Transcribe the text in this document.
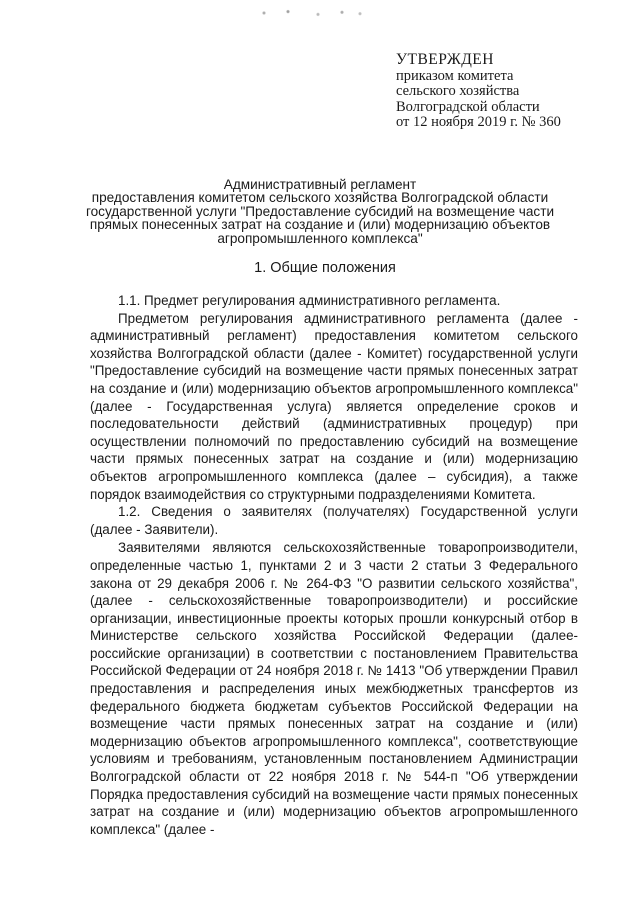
УТВЕРЖДЕН
приказом комитета
сельского хозяйства
Волгоградской области
от 12 ноября 2019 г. № 360
Административный регламент
предоставления комитетом сельского хозяйства Волгоградской области
государственной услуги "Предоставление субсидий на возмещение части
прямых понесенных затрат на создание и (или) модернизацию объектов
агропромышленного комплекса"
1. Общие положения

1.1. Предмет регулирования административного регламента.

Предметом регулирования административного регламента (далее - административный регламент) предоставления комитетом сельского хозяйства Волгоградской области (далее - Комитет) государственной услуги "Предоставление субсидий на возмещение части прямых понесенных затрат на создание и (или) модернизацию объектов агропромышленного комплекса" (далее - Государственная услуга) является определение сроков и последовательности действий (административных процедур) при осуществлении полномочий по предоставлению субсидий на возмещение части прямых понесенных затрат на создание и (или) модернизацию объектов агропромышленного комплекса (далее – субсидия), а также порядок взаимодействия со структурными подразделениями Комитета.

1.2. Сведения о заявителях (получателях) Государственной услуги (далее - Заявители).

Заявителями являются сельскохозяйственные товаропроизводители, определенные частью 1, пунктами 2 и 3 части 2 статьи 3 Федерального закона от 29 декабря 2006 г. № 264-ФЗ "О развитии сельского хозяйства", (далее - сельскохозяйственные товаропроизводители) и российские организации, инвестиционные проекты которых прошли конкурсный отбор в Министерстве сельского хозяйства Российской Федерации (далее-российские организации) в соответствии с постановлением Правительства Российской Федерации от 24 ноября 2018 г. № 1413 "Об утверждении Правил предоставления и распределения иных межбюджетных трансфертов из федерального бюджета бюджетам субъектов Российской Федерации на возмещение части прямых понесенных затрат на создание и (или) модернизацию объектов агропромышленного комплекса", соответствующие условиям и требованиям, установленным постановлением Администрации Волгоградской области от 22 ноября 2018 г. № 544-п "Об утверждении Порядка предоставления субсидий на возмещение части прямых понесенных затрат на создание и (или) модернизацию объектов агропромышленного комплекса" (далее -
